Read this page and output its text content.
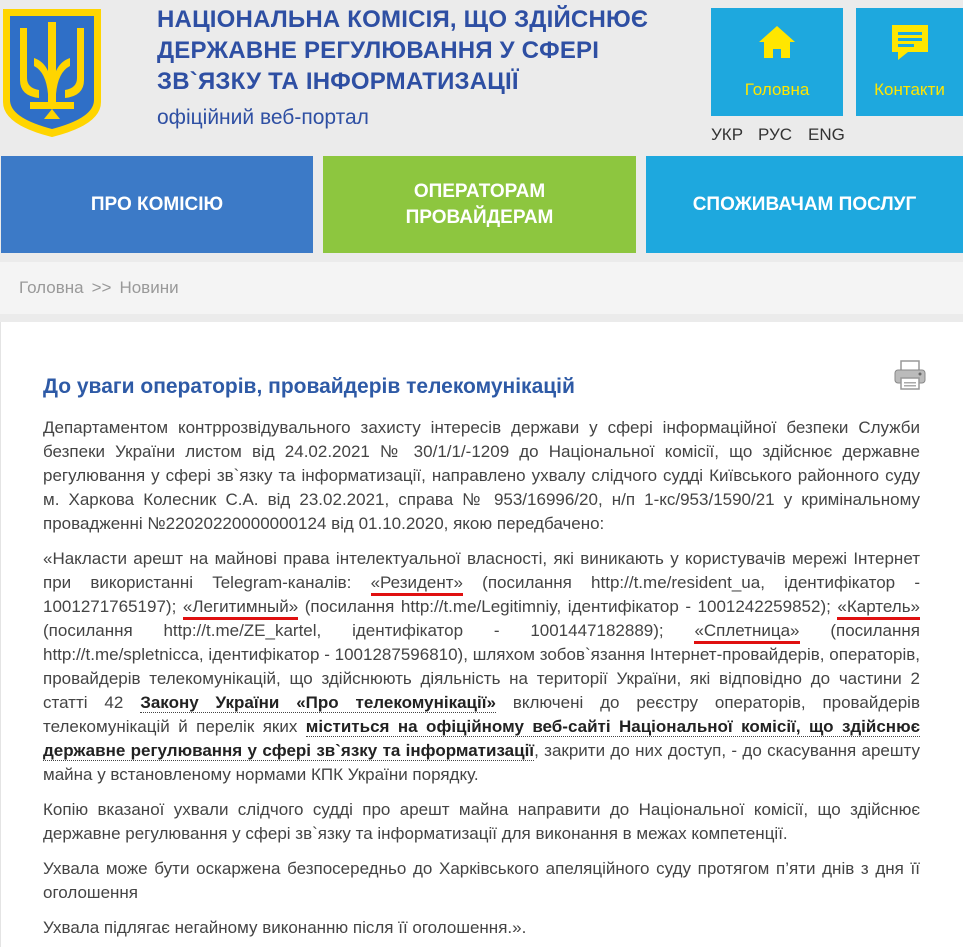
НАЦІОНАЛЬНА КОМІСІЯ, ЩО ЗДІЙСНЮЄ
ДЕРЖАВНЕ РЕГУЛЮВАННЯ У СФЕРІ
ЗВ`ЯЗКУ ТА ІНФОРМАТИЗАЦІЇ
офіційний веб-портал
Головна	Контакти
УКР РУС ENG
ПРО КОМІСІЮ
ОПЕРАТОРАМ
ПРОВАЙДЕРАМ
СПОЖИВАЧАМ ПОСЛУГ
Головна >> Новини
До уваги операторів, провайдерів телекомунікацій

Департаментом контррозвідувального захисту інтересів держави у сфері інформаційної безпеки Служби безпеки України листом від 24.02.2021 № 30/1/1/-1209 до Національної комісії, що здійснює державне регулювання у сфері зв`язку та інформатизації, направлено ухвалу слідчого судді Київського районного суду м. Харкова Колесник С.А. від 23.02.2021, справа № 953/16996/20, н/п 1-кс/953/1590/21 у кримінальному провадженні №22020220000000124 від 01.10.2020, якою передбачено:

«Накласти арешт на майнові права інтелектуальної власності, які виникають у користувачів мережі Інтернет при використанні Telegram-каналів: «Резидент» (посилання http://t.me/resident_ua, ідентифікатор - 1001271765197); «Легитимный» (посилання http://t.me/Legitimniy, ідентифікатор - 1001242259852); «Картель» (посилання http://t.me/ZE_kartel, ідентифікатор - 1001447182889); «Сплетница» (посилання http://t.me/spletnicca, ідентифікатор - 1001287596810), шляхом зобов`язання Інтернет-провайдерів, операторів, провайдерів телекомунікацій, що здійснюють діяльність на території України, які відповідно до частини 2 статті 42 Закону України «Про телекомунікації» включені до реєстру операторів, провайдерів телекомунікацій й перелік яких міститься на офіційному веб-сайті Національної комісії, що здійснює державне регулювання у сфері зв`язку та інформатизації, закрити до них доступ, - до скасування арешту майна у встановленому нормами КПК України порядку.

Копію вказаної ухвали слідчого судді про арешт майна направити до Національної комісії, що здійснює державне регулювання у сфері зв`язку та інформатизації для виконання в межах компетенції.

Ухвала може бути оскаржена безпосередньо до Харківського апеляційного суду протягом п’яти днів з дня її оголошення

Ухвала підлягає негайному виконанню після її оголошення.».
